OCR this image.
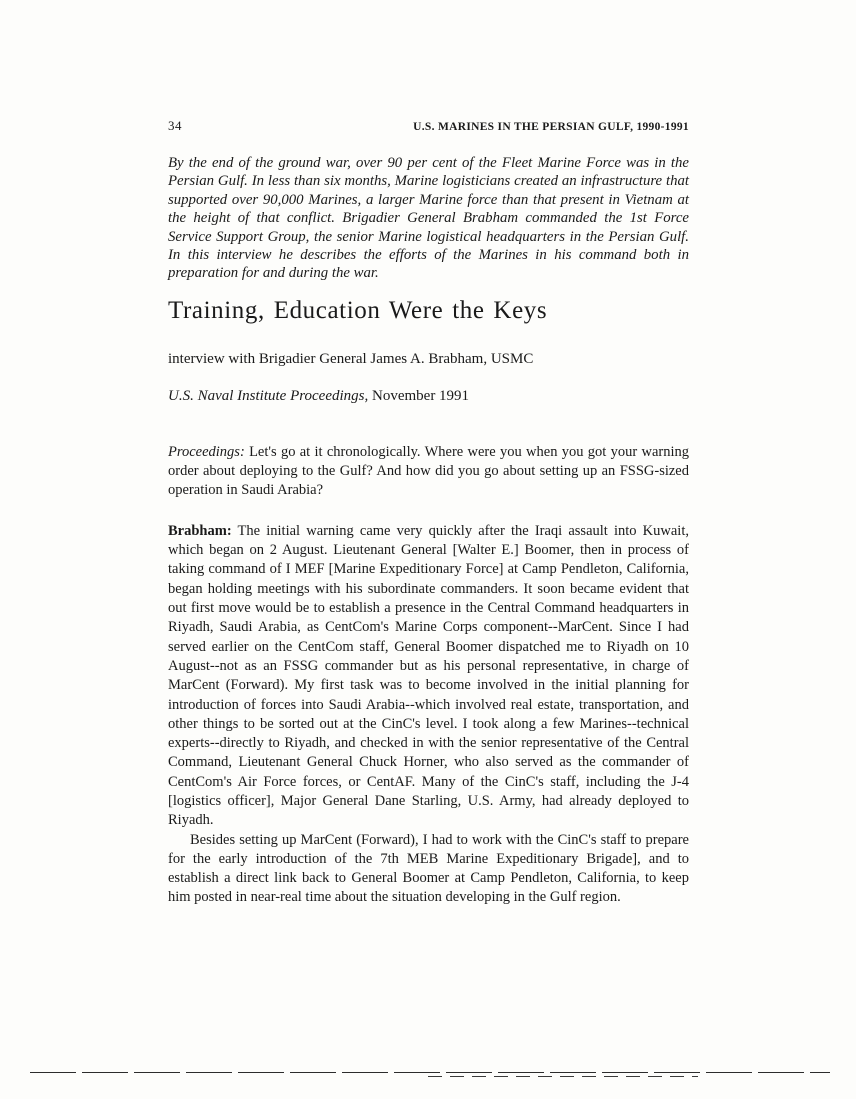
34	U.S. MARINES IN THE PERSIAN GULF, 1990-1991

By the end of the ground war, over 90 per cent of the Fleet Marine Force was in the Persian Gulf. In less than six months, Marine logisticians created an infrastructure that supported over 90,000 Marines, a larger Marine force than that present in Vietnam at the height of that conflict. Brigadier General Brabham commanded the 1st Force Service Support Group, the senior Marine logistical headquarters in the Persian Gulf. In this interview he describes the efforts of the Marines in his command both in preparation for and during the war.

Training, Education Were the Keys

interview with Brigadier General James A. Brabham, USMC

U.S. Naval Institute Proceedings, November 1991

Proceedings: Let's go at it chronologically. Where were you when you got your warning order about deploying to the Gulf? And how did you go about setting up an FSSG-sized operation in Saudi Arabia?

Brabham: The initial warning came very quickly after the Iraqi assault into Kuwait, which began on 2 August. Lieutenant General [Walter E.] Boomer, then in process of taking command of I MEF [Marine Expeditionary Force] at Camp Pendleton, California, began holding meetings with his subordinate commanders. It soon became evident that out first move would be to establish a presence in the Central Command headquarters in Riyadh, Saudi Arabia, as CentCom's Marine Corps component--MarCent. Since I had served earlier on the CentCom staff, General Boomer dispatched me to Riyadh on 10 August--not as an FSSG commander but as his personal representative, in charge of MarCent (Forward). My first task was to become involved in the initial planning for introduction of forces into Saudi Arabia--which involved real estate, transportation, and other things to be sorted out at the CinC's level. I took along a few Marines--technical experts--directly to Riyadh, and checked in with the senior representative of the Central Command, Lieutenant General Chuck Horner, who also served as the commander of CentCom's Air Force forces, or CentAF. Many of the CinC's staff, including the J-4 [logistics officer], Major General Dane Starling, U.S. Army, had already deployed to Riyadh.

Besides setting up MarCent (Forward), I had to work with the CinC's staff to prepare for the early introduction of the 7th MEB Marine Expeditionary Brigade], and to establish a direct link back to General Boomer at Camp Pendleton, California, to keep him posted in near-real time about the situation developing in the Gulf region.
